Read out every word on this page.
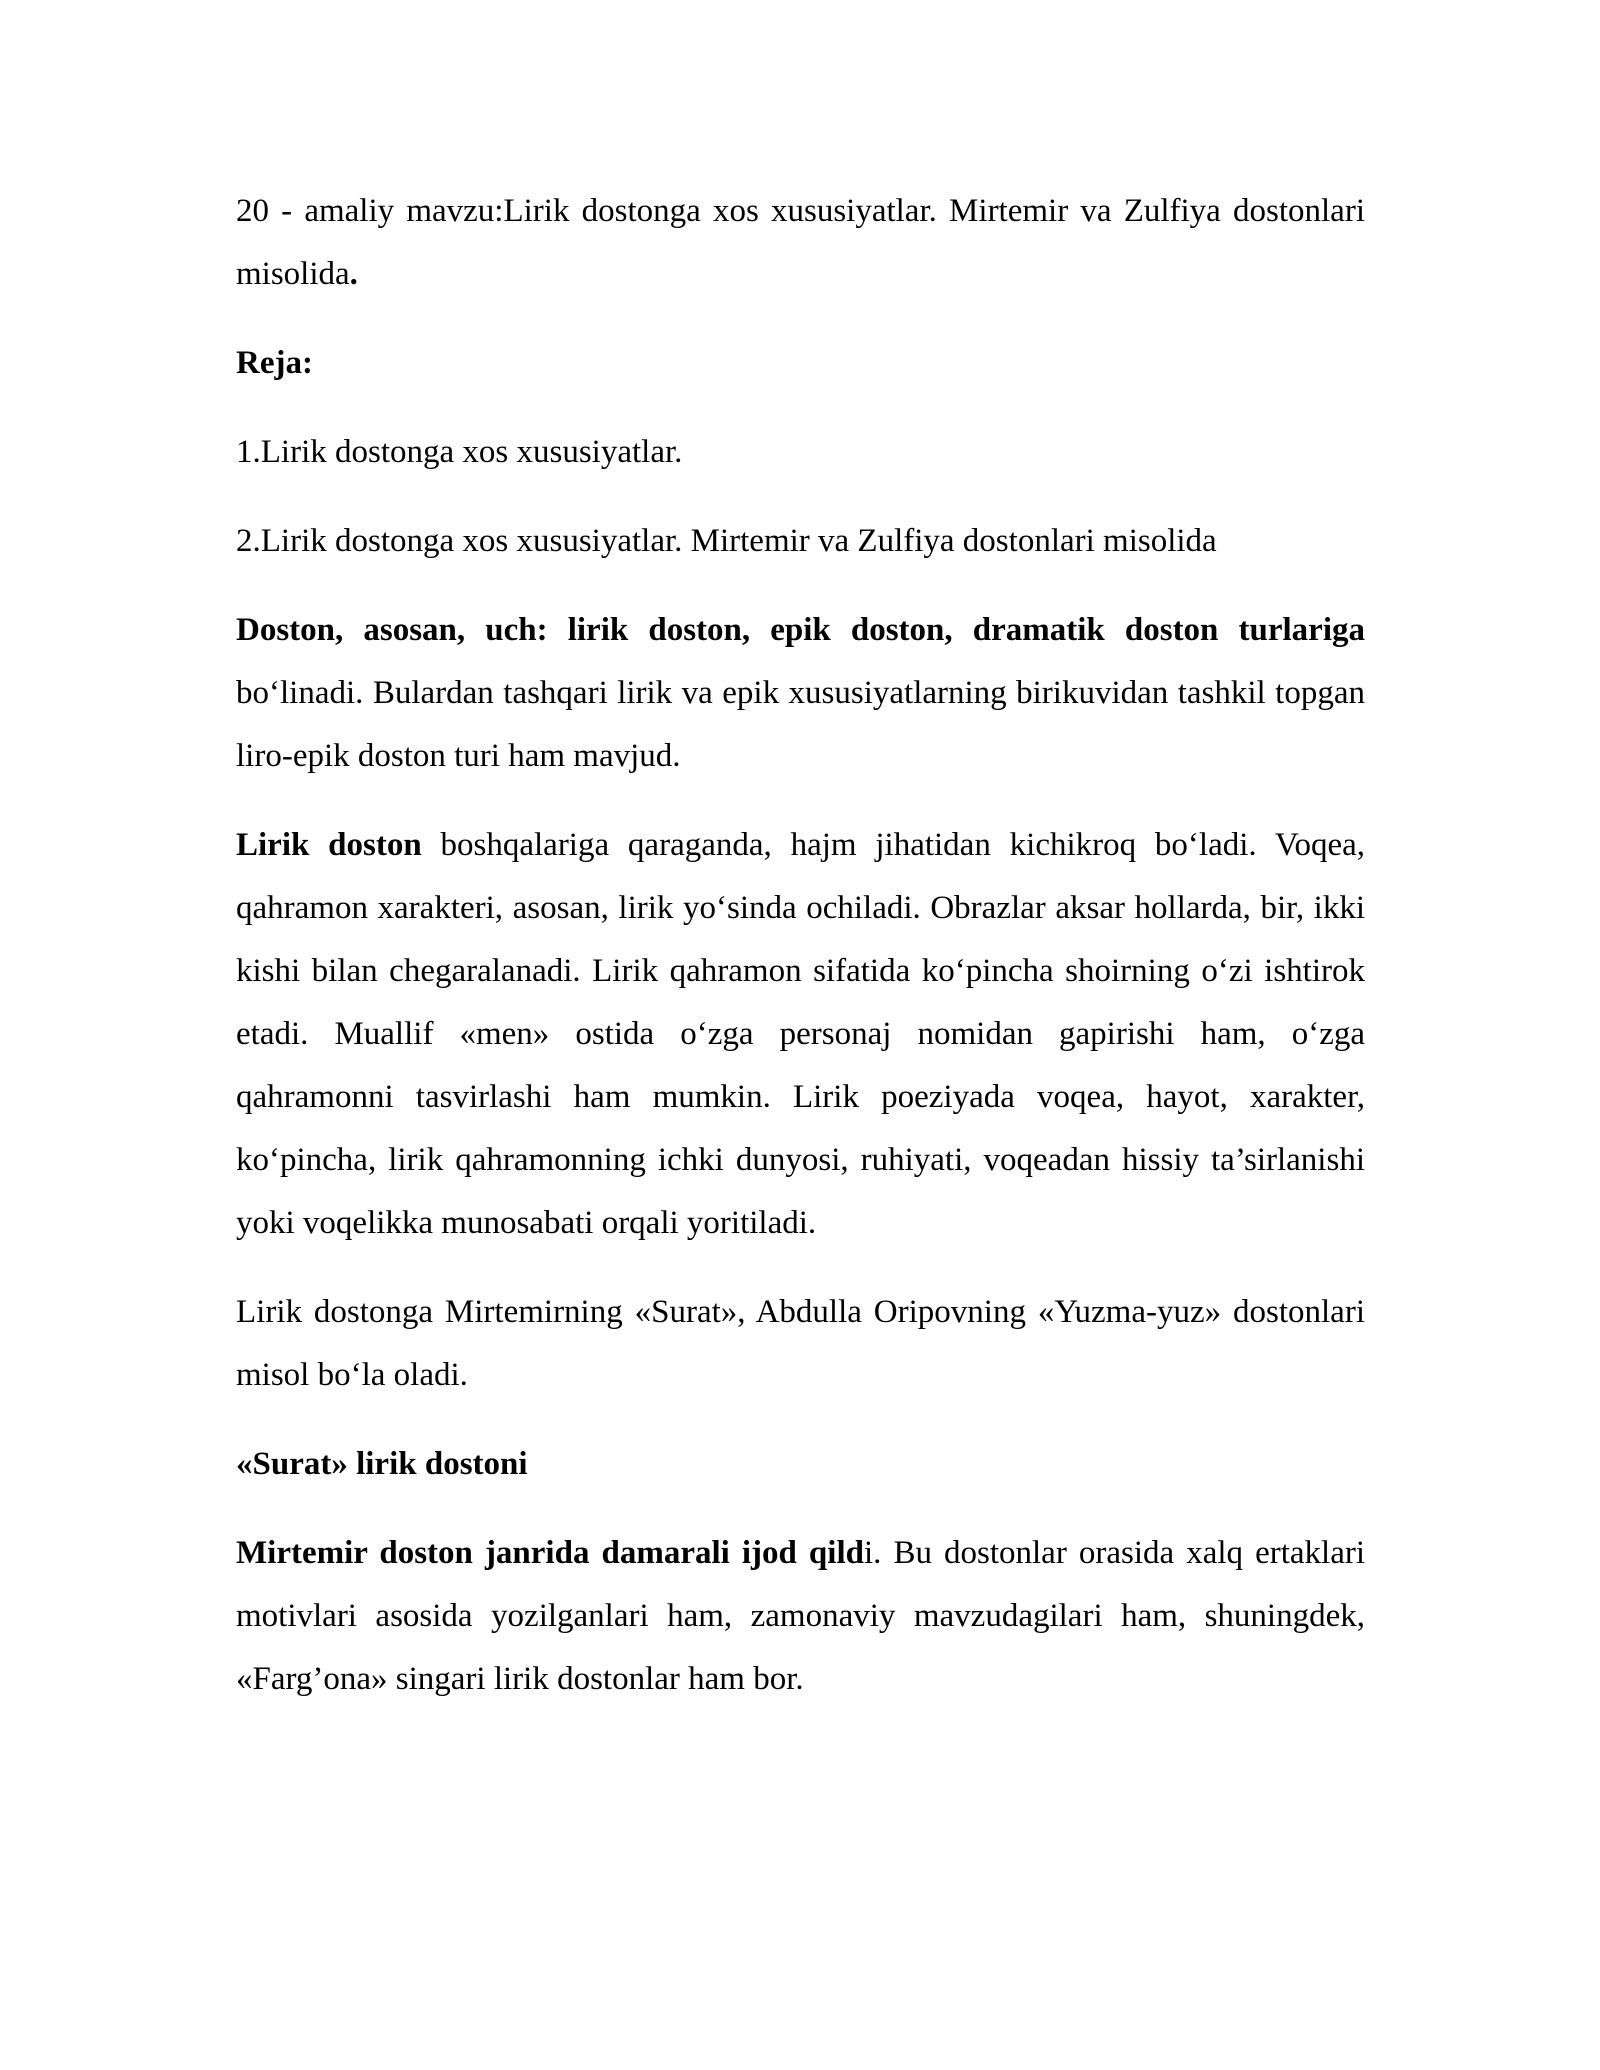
20 - amaliy mavzu:Lirik dostonga xos xususiyatlar. Mirtemir va Zulfiya dostonlari misolida.

Reja:

1.Lirik dostonga xos xususiyatlar.

2.Lirik dostonga xos xususiyatlar. Mirtemir va Zulfiya dostonlari misolida

Doston, asosan, uch: lirik doston, epik doston, dramatik doston turlariga bo‘linadi. Bulardan tashqari lirik va epik xususiyatlarning birikuvidan tashkil topgan liro-epik doston turi ham mavjud.

Lirik doston boshqalariga qaraganda, hajm jihatidan kichikroq bo‘ladi. Voqea, qahramon xarakteri, asosan, lirik yo‘sinda ochiladi. Obrazlar aksar hollarda, bir, ikki kishi bilan chegaralanadi. Lirik qahramon sifatida ko‘pincha shoirning o‘zi ishtirok etadi. Muallif «men» ostida o‘zga personaj nomidan gapirishi ham, o‘zga qahramonni tasvirlashi ham mumkin. Lirik poeziyada voqea, hayot, xarakter, ko‘pincha, lirik qahramonning ichki dunyosi, ruhiyati, voqeadan hissiy ta’sirlanishi yoki voqelikka munosabati orqali yoritiladi.

Lirik dostonga Mirtemirning «Surat», Abdulla Oripovning «Yuzma-yuz» dostonlari misol bo‘la oladi.

«Surat» lirik dostoni

Mirtemir doston janrida damarali ijod qildi. Bu dostonlar orasida xalq ertaklari motivlari asosida yozilganlari ham, zamonaviy mavzudagilari ham, shuningdek, «Farg’ona» singari lirik dostonlar ham bor.
